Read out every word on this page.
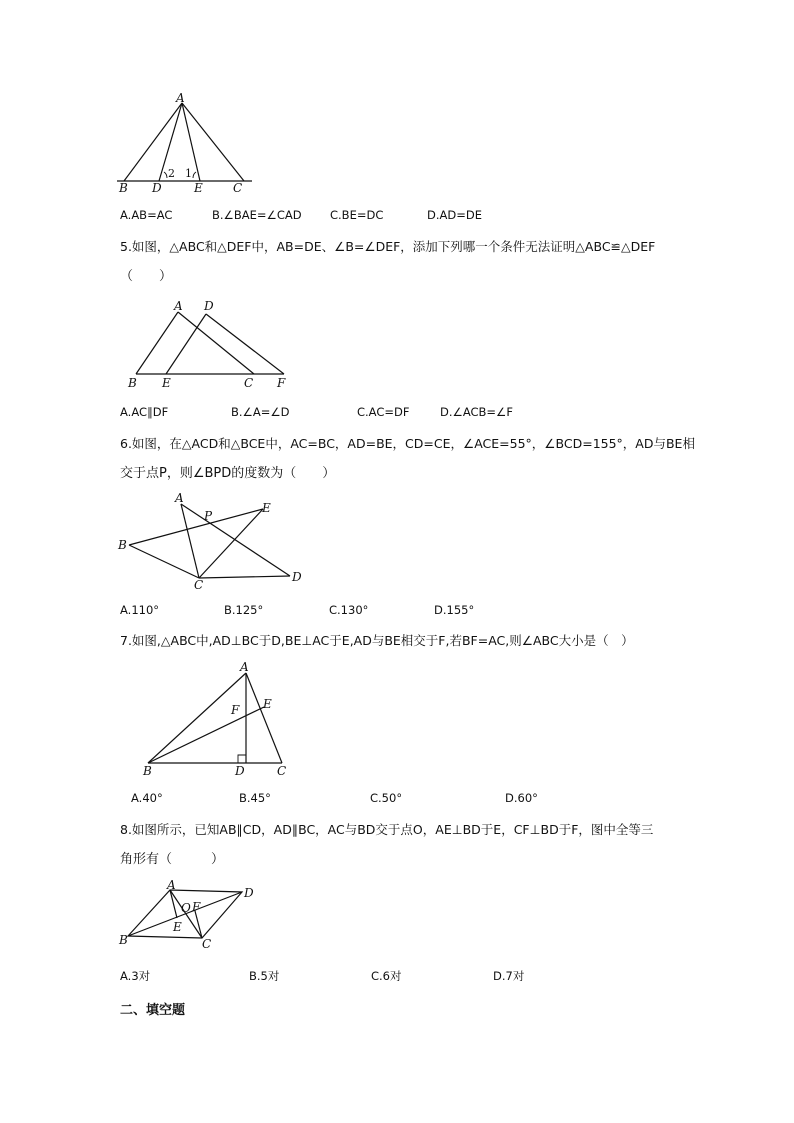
A
B D
2 1
E	C
A.AB=AC	B.∠BAE=∠CAD C.BE=DC	D.AD=DE
5.如图，△ABC和△DEF中，AB=DE、∠B=∠DEF，添加下列哪一个条件无法证明△ABC≌△DEF
（　　）
A D
B E	C F
A.AC∥DF	B.∠A=∠D	C.AC=DF	D.∠ACB=∠F
6.如图，在△ACD和△BCE中，AC=BC，AD=BE，CD=CE，∠ACE=55°，∠BCD=155°，AD与BE相
交于点P，则∠BPD的度数为（　　）
A
P
E
B
C
D
A.110°	B.125°	C.130°	D.155°
7.如图,△ABC中,AD⊥BC于D,BE⊥AC于E,AD与BE相交于F,若BF=AC,则∠ABC大小是（　）
A
E
F
B	D	C
A.40°	B.45°	C.50°	D.60°
8.如图所示，已知AB∥CD，AD∥BC，AC与BD交于点O，AE⊥BD于E，CF⊥BD于F，图中全等三
角形有（　　　）
A
D
O F
E
B	C
A.3对	B.5对	C.6对	D.7对
二、填空题
